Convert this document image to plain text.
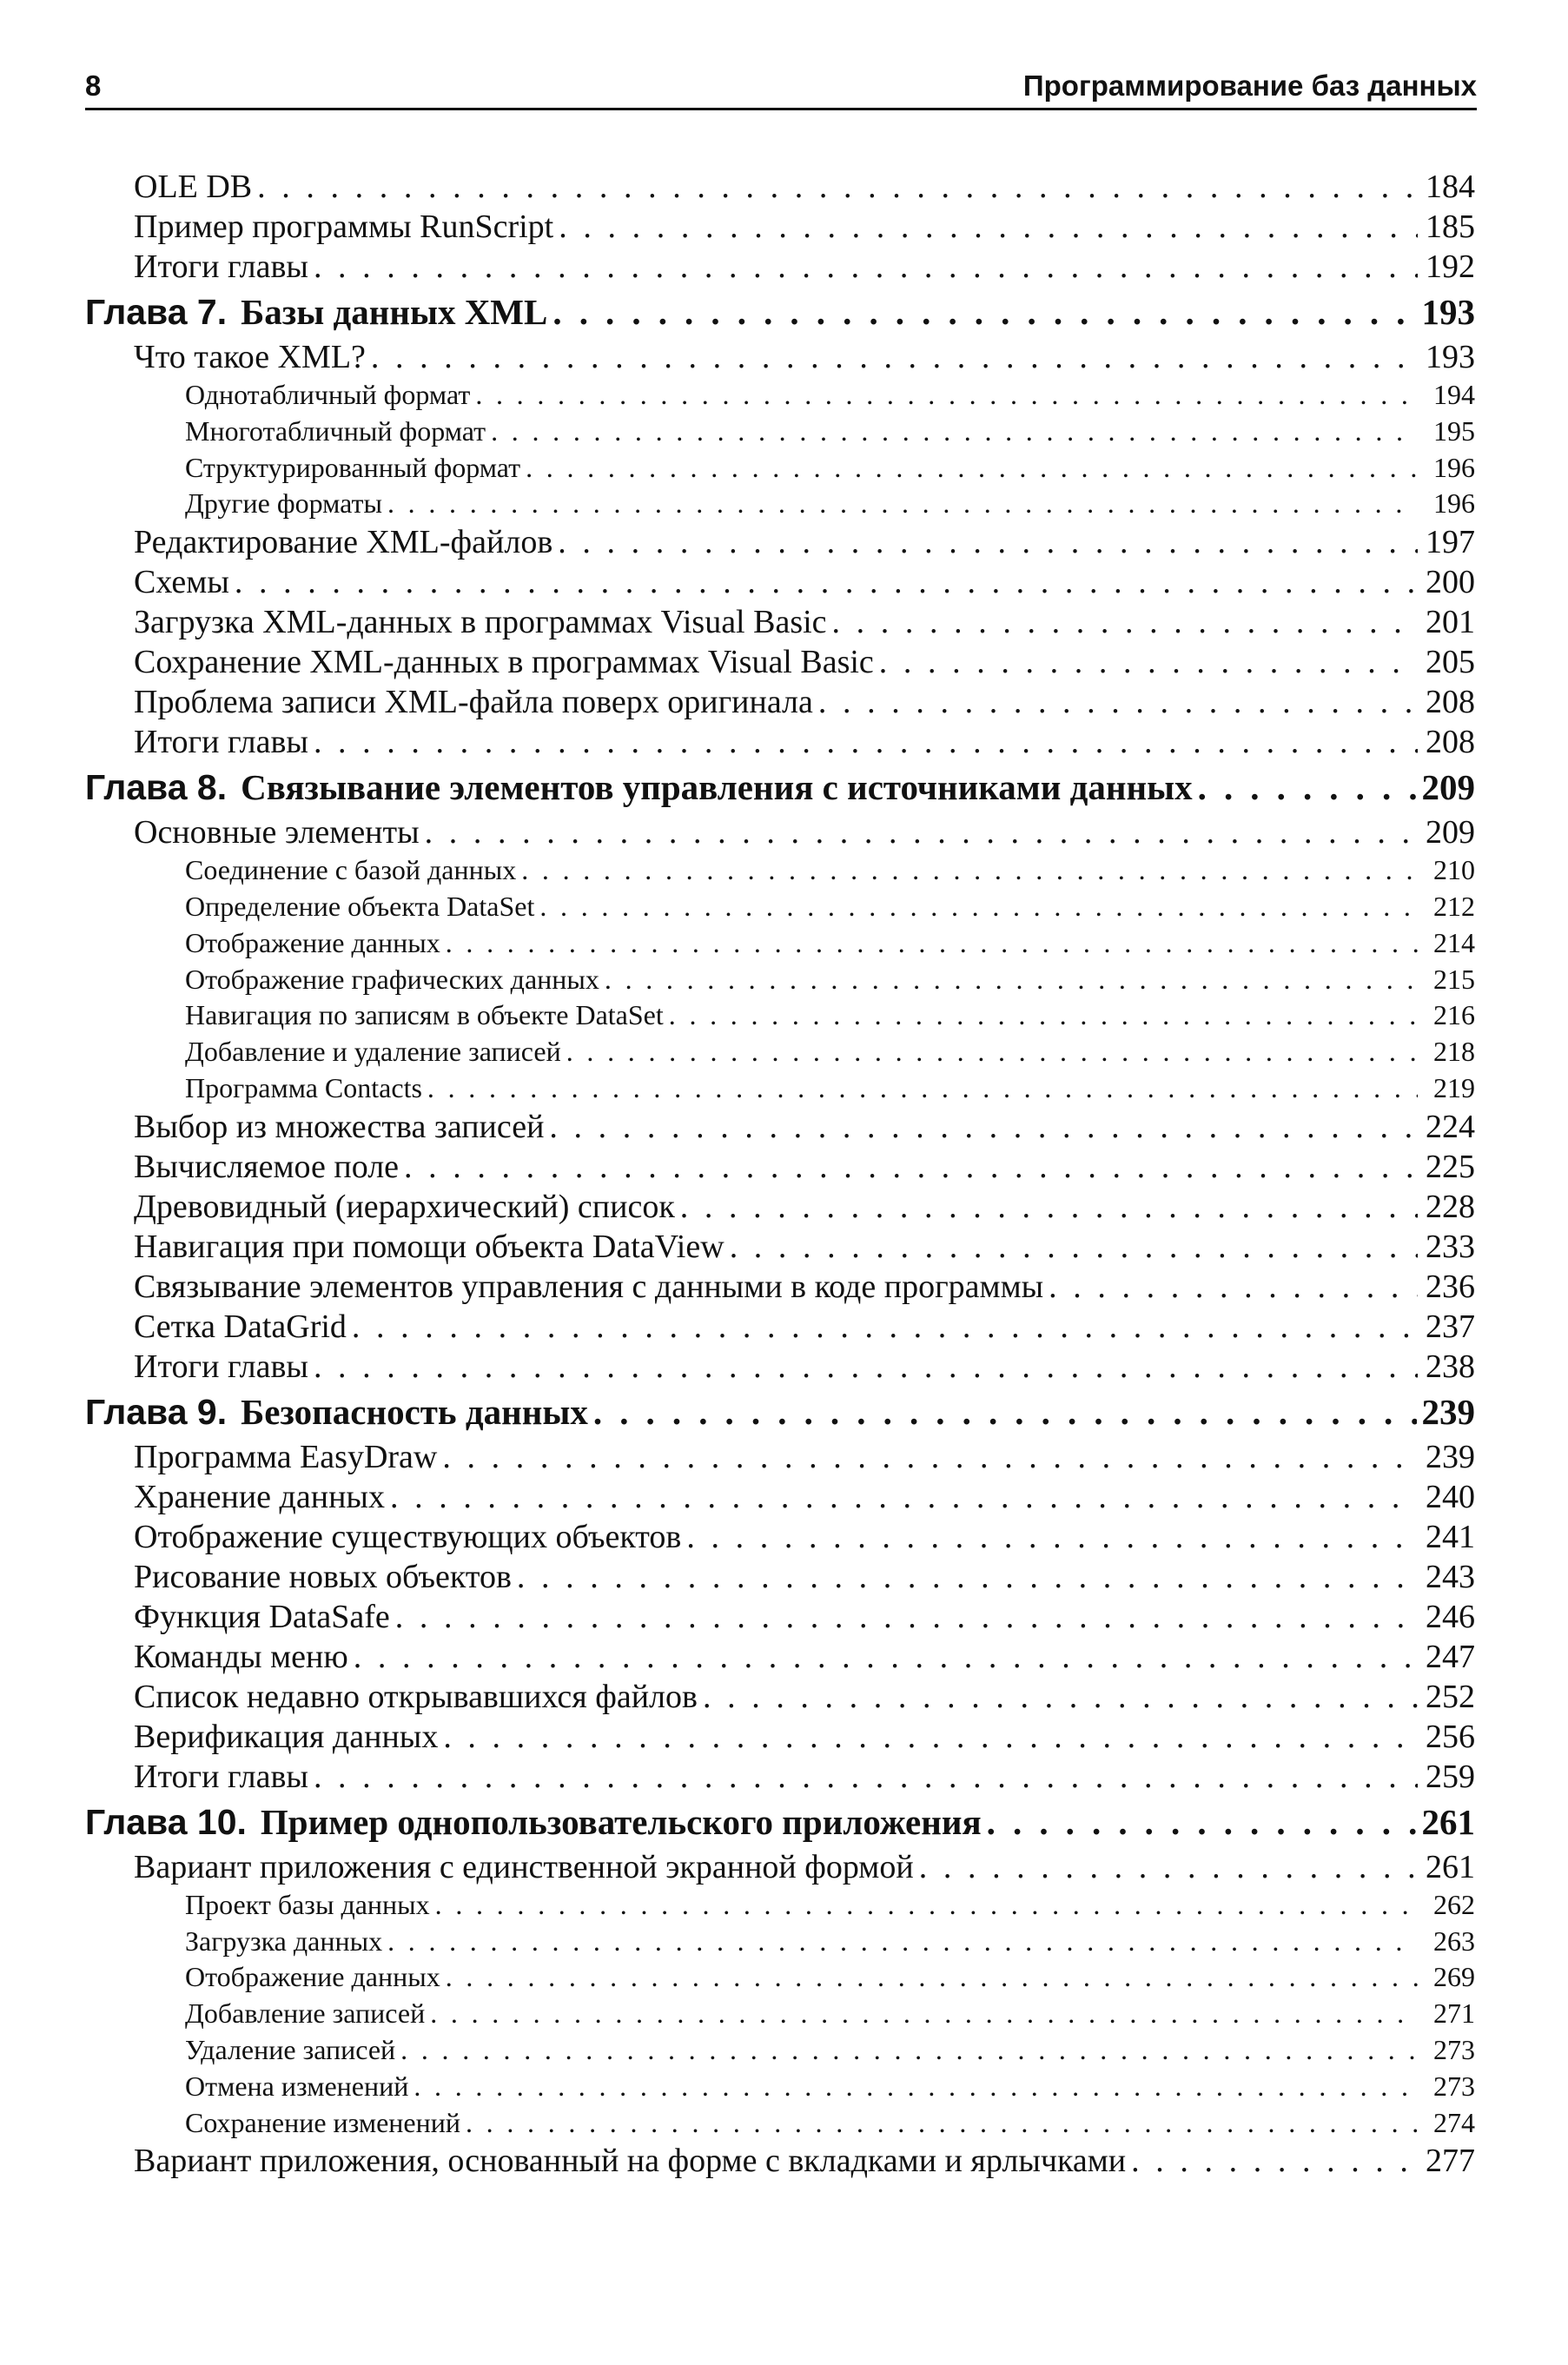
8	Программирование баз данных
OLE DB . . .	184
Пример программы RunScript . . .	185
Итоги главы . . .	192
Глава 7. Базы данных XML . . .	193
Что такое XML? . . .	193
Однотабличный формат . . .	194
Многотабличный формат . . .	195
Структурированный формат . . .	196
Другие форматы . . .	196
Редактирование XML-файлов . . .	197
Схемы . . .	200
Загрузка XML-данных в программах Visual Basic . . .	201
Сохранение XML-данных в программах Visual Basic . . .	205
Проблема записи XML-файла поверх оригинала . . .	208
Итоги главы . . .	208
Глава 8. Связывание элементов управления с источниками данных . . .	209
Основные элементы . . .	209
Соединение с базой данных . . .	210
Определение объекта DataSet . . .	212
Отображение данных . . .	214
Отображение графических данных . . .	215
Навигация по записям в объекте DataSet . . .	216
Добавление и удаление записей . . .	218
Программа Contacts . . .	219
Выбор из множества записей . . .	224
Вычисляемое поле . . .	225
Древовидный (иерархический) список . . .	228
Навигация при помощи объекта DataView . . .	233
Связывание элементов управления с данными в коде программы . . .	236
Сетка DataGrid . . .	237
Итоги главы . . .	238
Глава 9. Безопасность данных . . .	239
Программа EasyDraw . . .	239
Хранение данных . . .	240
Отображение существующих объектов . . .	241
Рисование новых объектов . . .	243
Функция DataSafe . . .	246
Команды меню . . .	247
Список недавно открывавшихся файлов . . .	252
Верификация данных . . .	256
Итоги главы . . .	259
Глава 10. Пример однопользовательского приложения . . .	261
Вариант приложения с единственной экранной формой . . .	261
Проект базы данных . . .	262
Загрузка данных . . .	263
Отображение данных . . .	269
Добавление записей . . .	271
Удаление записей . . .	273
Отмена изменений . . .	273
Сохранение изменений . . .	274
Вариант приложения, основанный на форме с вкладками и ярлычками . . .	277
